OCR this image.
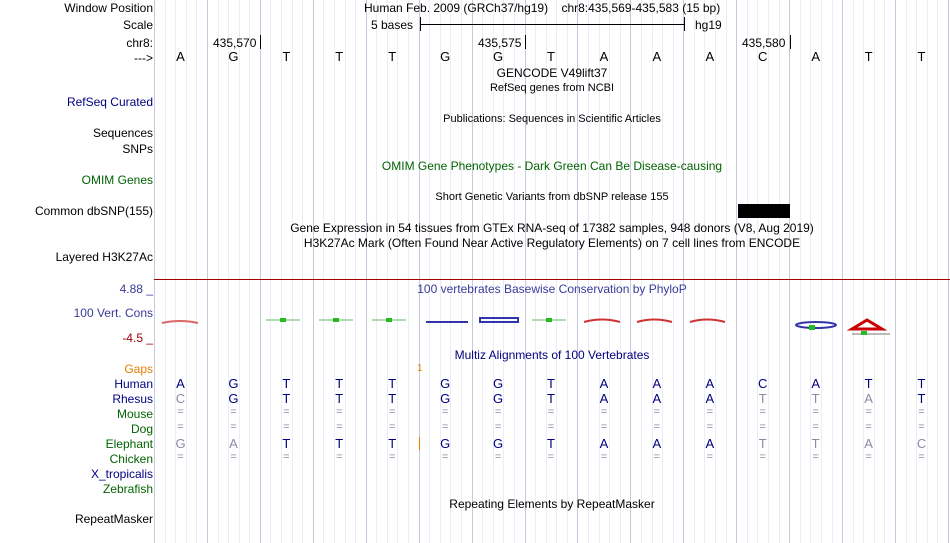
Window Position	Human Feb. 2009 (GRCh37/hg19)    chr8:435,569-435,583 (15 bp)
Scale	5 bases	hg19
chr8:	435,570	435,575	435,580
--->	A	G	T	T	T	G	G	T	A	A	A	C	A	T	T
GENCODE V49lift37
RefSeq genes from NCBI
RefSeq Curated
Publications: Sequences in Scientific Articles
Sequences
SNPs
OMIM Gene Phenotypes - Dark Green Can Be Disease-causing
OMIM Genes
Short Genetic Variants from dbSNP release 155
Common dbSNP(155)
Gene Expression in 54 tissues from GTEx RNA-seq of 17382 samples, 948 donors (V8, Aug 2019)
H3K27Ac Mark (Often Found Near Active Regulatory Elements) on 7 cell lines from ENCODE
Layered H3K27Ac
100 vertebrates Basewise Conservation by PhyloP
4.88 _
100 Vert. Cons
-4.5 _
Multiz Alignments of 100 Vertebrates
Gaps	1
Human	A	G	T	T	T	G	G	T	A	A	A	C	A	T	T
Rhesus	C	G	T	T	T	G	G	T	A	A	A	T	T	A	T
Mouse	=	=	=	=	=	=	=	=	=	=	=	=	=	=	=
Dog	=	=	=	=	=	=	=	=	=	=	=	=	=	=	=
Elephant	G	A	T	T	T	G	G	T	A	A	A	T	T	A	C
Chicken	=	=	=	=	=	=	=	=	=	=	=	=	=	=	=
X_tropicalis
Zebrafish
Repeating Elements by RepeatMasker
RepeatMasker
